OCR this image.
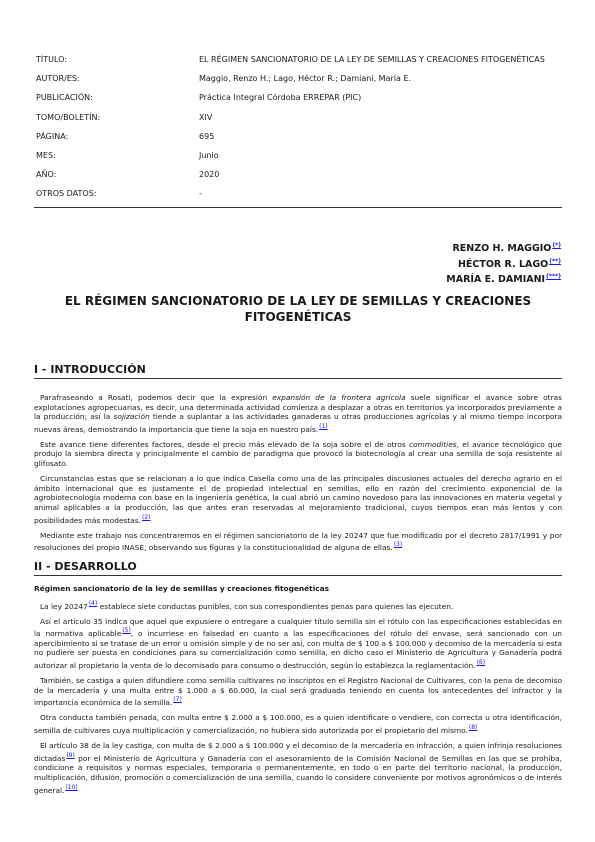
TÍTULO:	EL RÉGIMEN SANCIONATORIO DE LA LEY DE SEMILLAS Y CREACIONES FITOGENÉTICAS
AUTOR/ES:	Maggio, Renzo H.; Lago, Héctor R.; Damiani, María E.
PUBLICACIÓN:	Práctica Integral Córdoba ERREPAR (PIC)
TOMO/BOLETÍN:	XIV
PÁGINA:	695
MES:	Junio
AÑO:	2020
OTROS DATOS:	-
RENZO H. MAGGIO(*)
HÉCTOR R. LAGO(**)
MARÍA E. DAMIANI(***)
EL RÉGIMEN SANCIONATORIO DE LA LEY DE SEMILLAS Y CREACIONES FITOGENÉTICAS
I - INTRODUCCIÓN

Parafraseando a Rosati, podemos decir que la expresión expansión de la frontera agrícola suele significar el avance sobre otras explotaciones agropecuarias, es decir, una determinada actividad comienza a desplazar a otras en territorios ya incorporados previamente a la producción; así la sojización tiende a suplantar a las actividades ganaderas u otras producciones agrícolas y al mismo tiempo incorpora nuevas áreas, demostrando la importancia que tiene la soja en nuestro país.$^{(1)}$

Este avance tiene diferentes factores, desde el precio más elevado de la soja sobre el de otros commodities, el avance tecnológico que produjo la siembra directa y principalmente el cambio de paradigma que provocó la biotecnología al crear una semilla de soja resistente al glifosato.

Circunstancias estas que se relacionan a lo que indica Casella como una de las principales discusiones actuales del derecho agrario en el ámbito internacional que es justamente el de propiedad intelectual en semillas, ello en razón del crecimiento exponencial de la agrobiotecnología moderna con base en la ingeniería genética, la cual abrió un camino novedoso para las innovaciones en materia vegetal y animal aplicables a la producción, las que antes eran reservadas al mejoramiento tradicional, cuyos tiempos eran más lentos y con posibilidades más modestas.$^{(2)}$

Mediante este trabajo nos concentraremos en el régimen sancionatorio de la ley 20247 que fue modificado por el decreto 2817/1991 y por resoluciones del propio INASE, observando sus figuras y la constitucionalidad de alguna de ellas.$^{(3)}$

II - DESARROLLO

Régimen sancionatorio de la ley de semillas y creaciones fitogenéticas

La ley 20247$^{(4)}$ establece siete conductas punibles, con sus correspondientes penas para quienes las ejecuten.

Así el artículo 35 indica que aquel que expusiere o entregare a cualquier título semilla sin el rótulo con las especificaciones establecidas en la normativa aplicable$^{(5)}$, o incurriese en falsedad en cuanto a las especificaciones del rótulo del envase, será sancionado con un apercibimiento si se tratase de un error u omisión simple y de no ser así, con multa de $ 100 a $ 100.000 y decomiso de la mercadería si esta no pudiere ser puesta en condiciones para su comercialización como semilla, en dicho caso el Ministerio de Agricultura y Ganadería podrá autorizar al propietario la venta de lo decomisado para consumo o destrucción, según lo establezca la reglamentación.$^{(6)}$

También, se castiga a quien difundiere como semilla cultivares no inscriptos en el Registro Nacional de Cultivares, con la pena de decomiso de la mercadería y una multa entre $ 1.000 a $ 60.000, la cual será graduada teniendo en cuenta los antecedentes del infractor y la importancia económica de la semilla.$^{(7)}$

Otra conducta también penada, con multa entre $ 2.000 a $ 100.000, es a quien identificare o vendiere, con correcta u otra identificación, semilla de cultivares cuya multiplicación y comercialización, no hubiera sido autorizada por el propietario del mismo.$^{(8)}$

El artículo 38 de la ley castiga, con multa de $ 2.000 a $ 100.000 y el decomiso de la mercadería en infracción, a quien infrinja resoluciones dictadas$^{(9)}$ por el Ministerio de Agricultura y Ganadería con el asesoramiento de la Comisión Nacional de Semillas en las que se prohíba, condicione a requisitos y normas especiales, temporaria o permanentemente, en todo o en parte del territorio nacional, la producción, multiplicación, difusión, promoción o comercialización de una semilla, cuando lo considere conveniente por motivos agronómicos o de interés general.$^{(10)}$
